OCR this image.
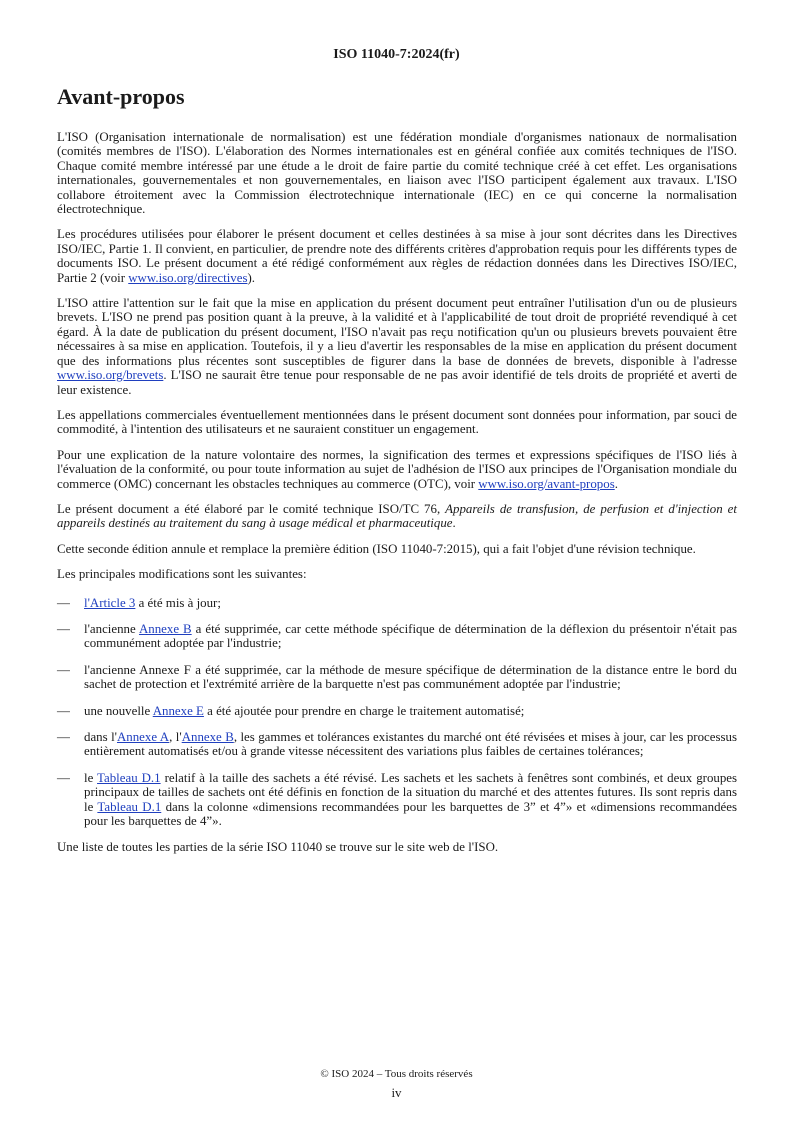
ISO 11040-7:2024(fr)
Avant-propos

L'ISO (Organisation internationale de normalisation) est une fédération mondiale d'organismes nationaux de normalisation (comités membres de l'ISO). L'élaboration des Normes internationales est en général confiée aux comités techniques de l'ISO. Chaque comité membre intéressé par une étude a le droit de faire partie du comité technique créé à cet effet. Les organisations internationales, gouvernementales et non gouvernementales, en liaison avec l'ISO participent également aux travaux. L'ISO collabore étroitement avec la Commission électrotechnique internationale (IEC) en ce qui concerne la normalisation électrotechnique.

Les procédures utilisées pour élaborer le présent document et celles destinées à sa mise à jour sont décrites dans les Directives ISO/IEC, Partie 1. Il convient, en particulier, de prendre note des différents critères d'approbation requis pour les différents types de documents ISO. Le présent document a été rédigé conformément aux règles de rédaction données dans les Directives ISO/IEC, Partie 2 (voir www.iso.org/directives).

L'ISO attire l'attention sur le fait que la mise en application du présent document peut entraîner l'utilisation d'un ou de plusieurs brevets. L'ISO ne prend pas position quant à la preuve, à la validité et à l'applicabilité de tout droit de propriété revendiqué à cet égard. À la date de publication du présent document, l'ISO n'avait pas reçu notification qu'un ou plusieurs brevets pouvaient être nécessaires à sa mise en application. Toutefois, il y a lieu d'avertir les responsables de la mise en application du présent document que des informations plus récentes sont susceptibles de figurer dans la base de données de brevets, disponible à l'adresse www.iso.org/brevets. L'ISO ne saurait être tenue pour responsable de ne pas avoir identifié de tels droits de propriété et averti de leur existence.

Les appellations commerciales éventuellement mentionnées dans le présent document sont données pour information, par souci de commodité, à l'intention des utilisateurs et ne sauraient constituer un engagement.

Pour une explication de la nature volontaire des normes, la signification des termes et expressions spécifiques de l'ISO liés à l'évaluation de la conformité, ou pour toute information au sujet de l'adhésion de l'ISO aux principes de l'Organisation mondiale du commerce (OMC) concernant les obstacles techniques au commerce (OTC), voir www.iso.org/avant-propos.

Le présent document a été élaboré par le comité technique ISO/TC 76, Appareils de transfusion, de perfusion et d'injection et appareils destinés au traitement du sang à usage médical et pharmaceutique.

Cette seconde édition annule et remplace la première édition (ISO 11040-7:2015), qui a fait l'objet d'une révision technique.

Les principales modifications sont les suivantes:

— l'Article 3 a été mis à jour;
— l'ancienne Annexe B a été supprimée, car cette méthode spécifique de détermination de la déflexion du présentoir n'était pas communément adoptée par l'industrie;
— l'ancienne Annexe F a été supprimée, car la méthode de mesure spécifique de détermination de la distance entre le bord du sachet de protection et l'extrémité arrière de la barquette n'est pas communément adoptée par l'industrie;
— une nouvelle Annexe E a été ajoutée pour prendre en charge le traitement automatisé;
— dans l'Annexe A, l'Annexe B, les gammes et tolérances existantes du marché ont été révisées et mises à jour, car les processus entièrement automatisés et/ou à grande vitesse nécessitent des variations plus faibles de certaines tolérances;
— le Tableau D.1 relatif à la taille des sachets a été révisé. Les sachets et les sachets à fenêtres sont combinés, et deux groupes principaux de tailles de sachets ont été définis en fonction de la situation du marché et des attentes futures. Ils sont repris dans le Tableau D.1 dans la colonne «dimensions recommandées pour les barquettes de 3” et 4”» et «dimensions recommandées pour les barquettes de 4”».

Une liste de toutes les parties de la série ISO 11040 se trouve sur le site web de l'ISO.

© ISO 2024 – Tous droits réservés
iv
